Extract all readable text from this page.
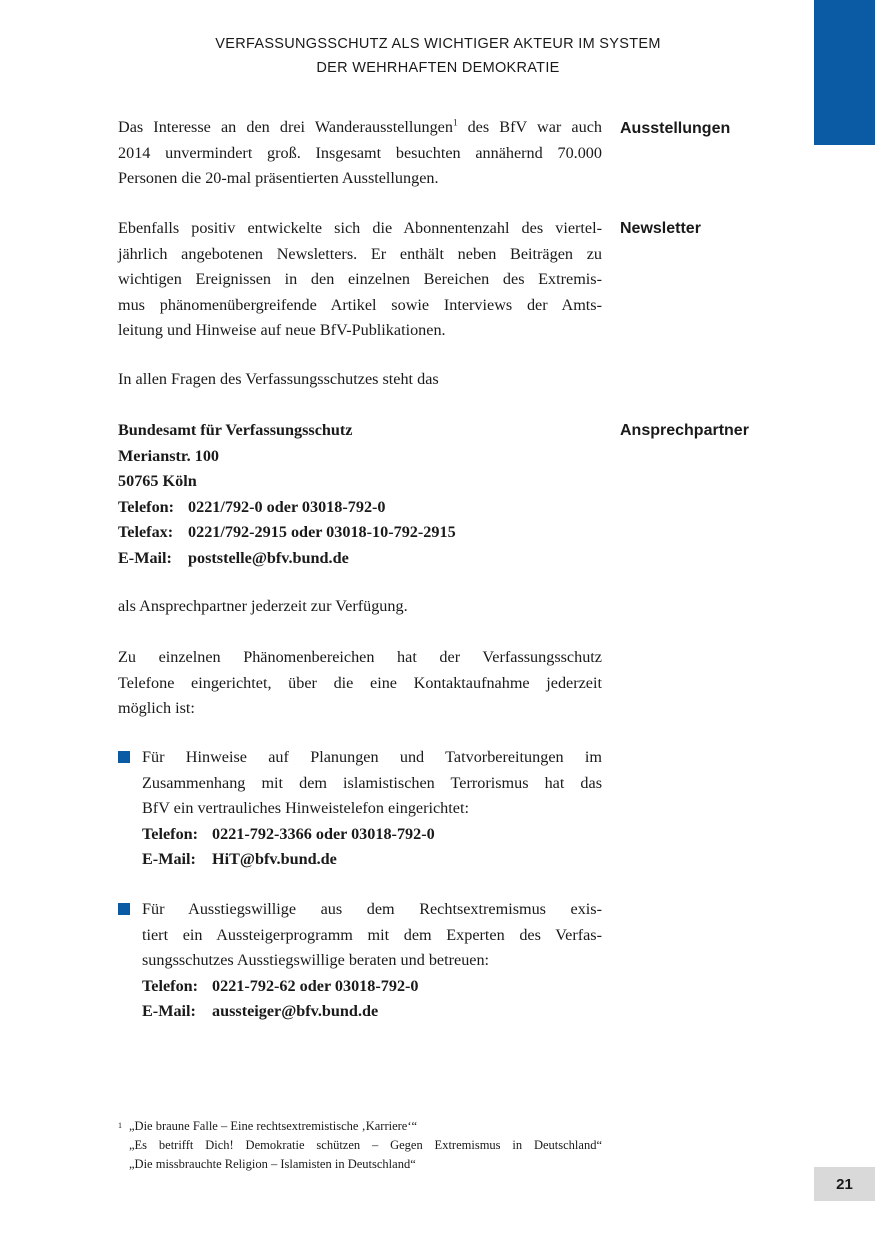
VERFASSUNGSSCHUTZ ALS WICHTIGER AKTEUR IM SYSTEM
DER WEHRHAFTEN DEMOKRATIE
Das Interesse an den drei Wanderausstellungen$^1$ des BfV war auch
2014 unvermindert groß. Insgesamt besuchten annähernd 70.000
Personen die 20-mal präsentierten Ausstellungen.
Ausstellungen
Ebenfalls positiv entwickelte sich die Abonnentenzahl des viertel-
jährlich angebotenen Newsletters. Er enthält neben Beiträgen zu
wichtigen Ereignissen in den einzelnen Bereichen des Extremis-
mus phänomenübergreifende Artikel sowie Interviews der Amts-
leitung und Hinweise auf neue BfV-Publikationen.
Newsletter
In allen Fragen des Verfassungsschutzes steht das
Bundesamt für Verfassungsschutz
Merianstr. 100
50765 Köln
Telefon: 0221/792-0 oder 03018-792-0
Telefax: 0221/792-2915 oder 03018-10-792-2915
E-Mail: poststelle@bfv.bund.de
Ansprechpartner
als Ansprechpartner jederzeit zur Verfügung.
Zu einzelnen Phänomenbereichen hat der Verfassungsschutz
Telefone eingerichtet, über die eine Kontaktaufnahme jederzeit
möglich ist:
Für Hinweise auf Planungen und Tatvorbereitungen im
Zusammenhang mit dem islamistischen Terrorismus hat das
BfV ein vertrauliches Hinweistelefon eingerichtet:
Telefon: 0221-792-3366 oder 03018-792-0
E-Mail: HiT@bfv.bund.de
Für Ausstiegswillige aus dem Rechtsextremismus exis-
tiert ein Aussteigerprogramm mit dem Experten des Verfas-
sungsschutzes Ausstiegswillige beraten und betreuen:
Telefon: 0221-792-62 oder 03018-792-0
E-Mail: aussteiger@bfv.bund.de
1 „Die braune Falle – Eine rechtsextremistische ‚Karriere‘“
„Es betrifft Dich! Demokratie schützen – Gegen Extremismus in Deutschland“
„Die missbrauchte Religion – Islamisten in Deutschland“
21
